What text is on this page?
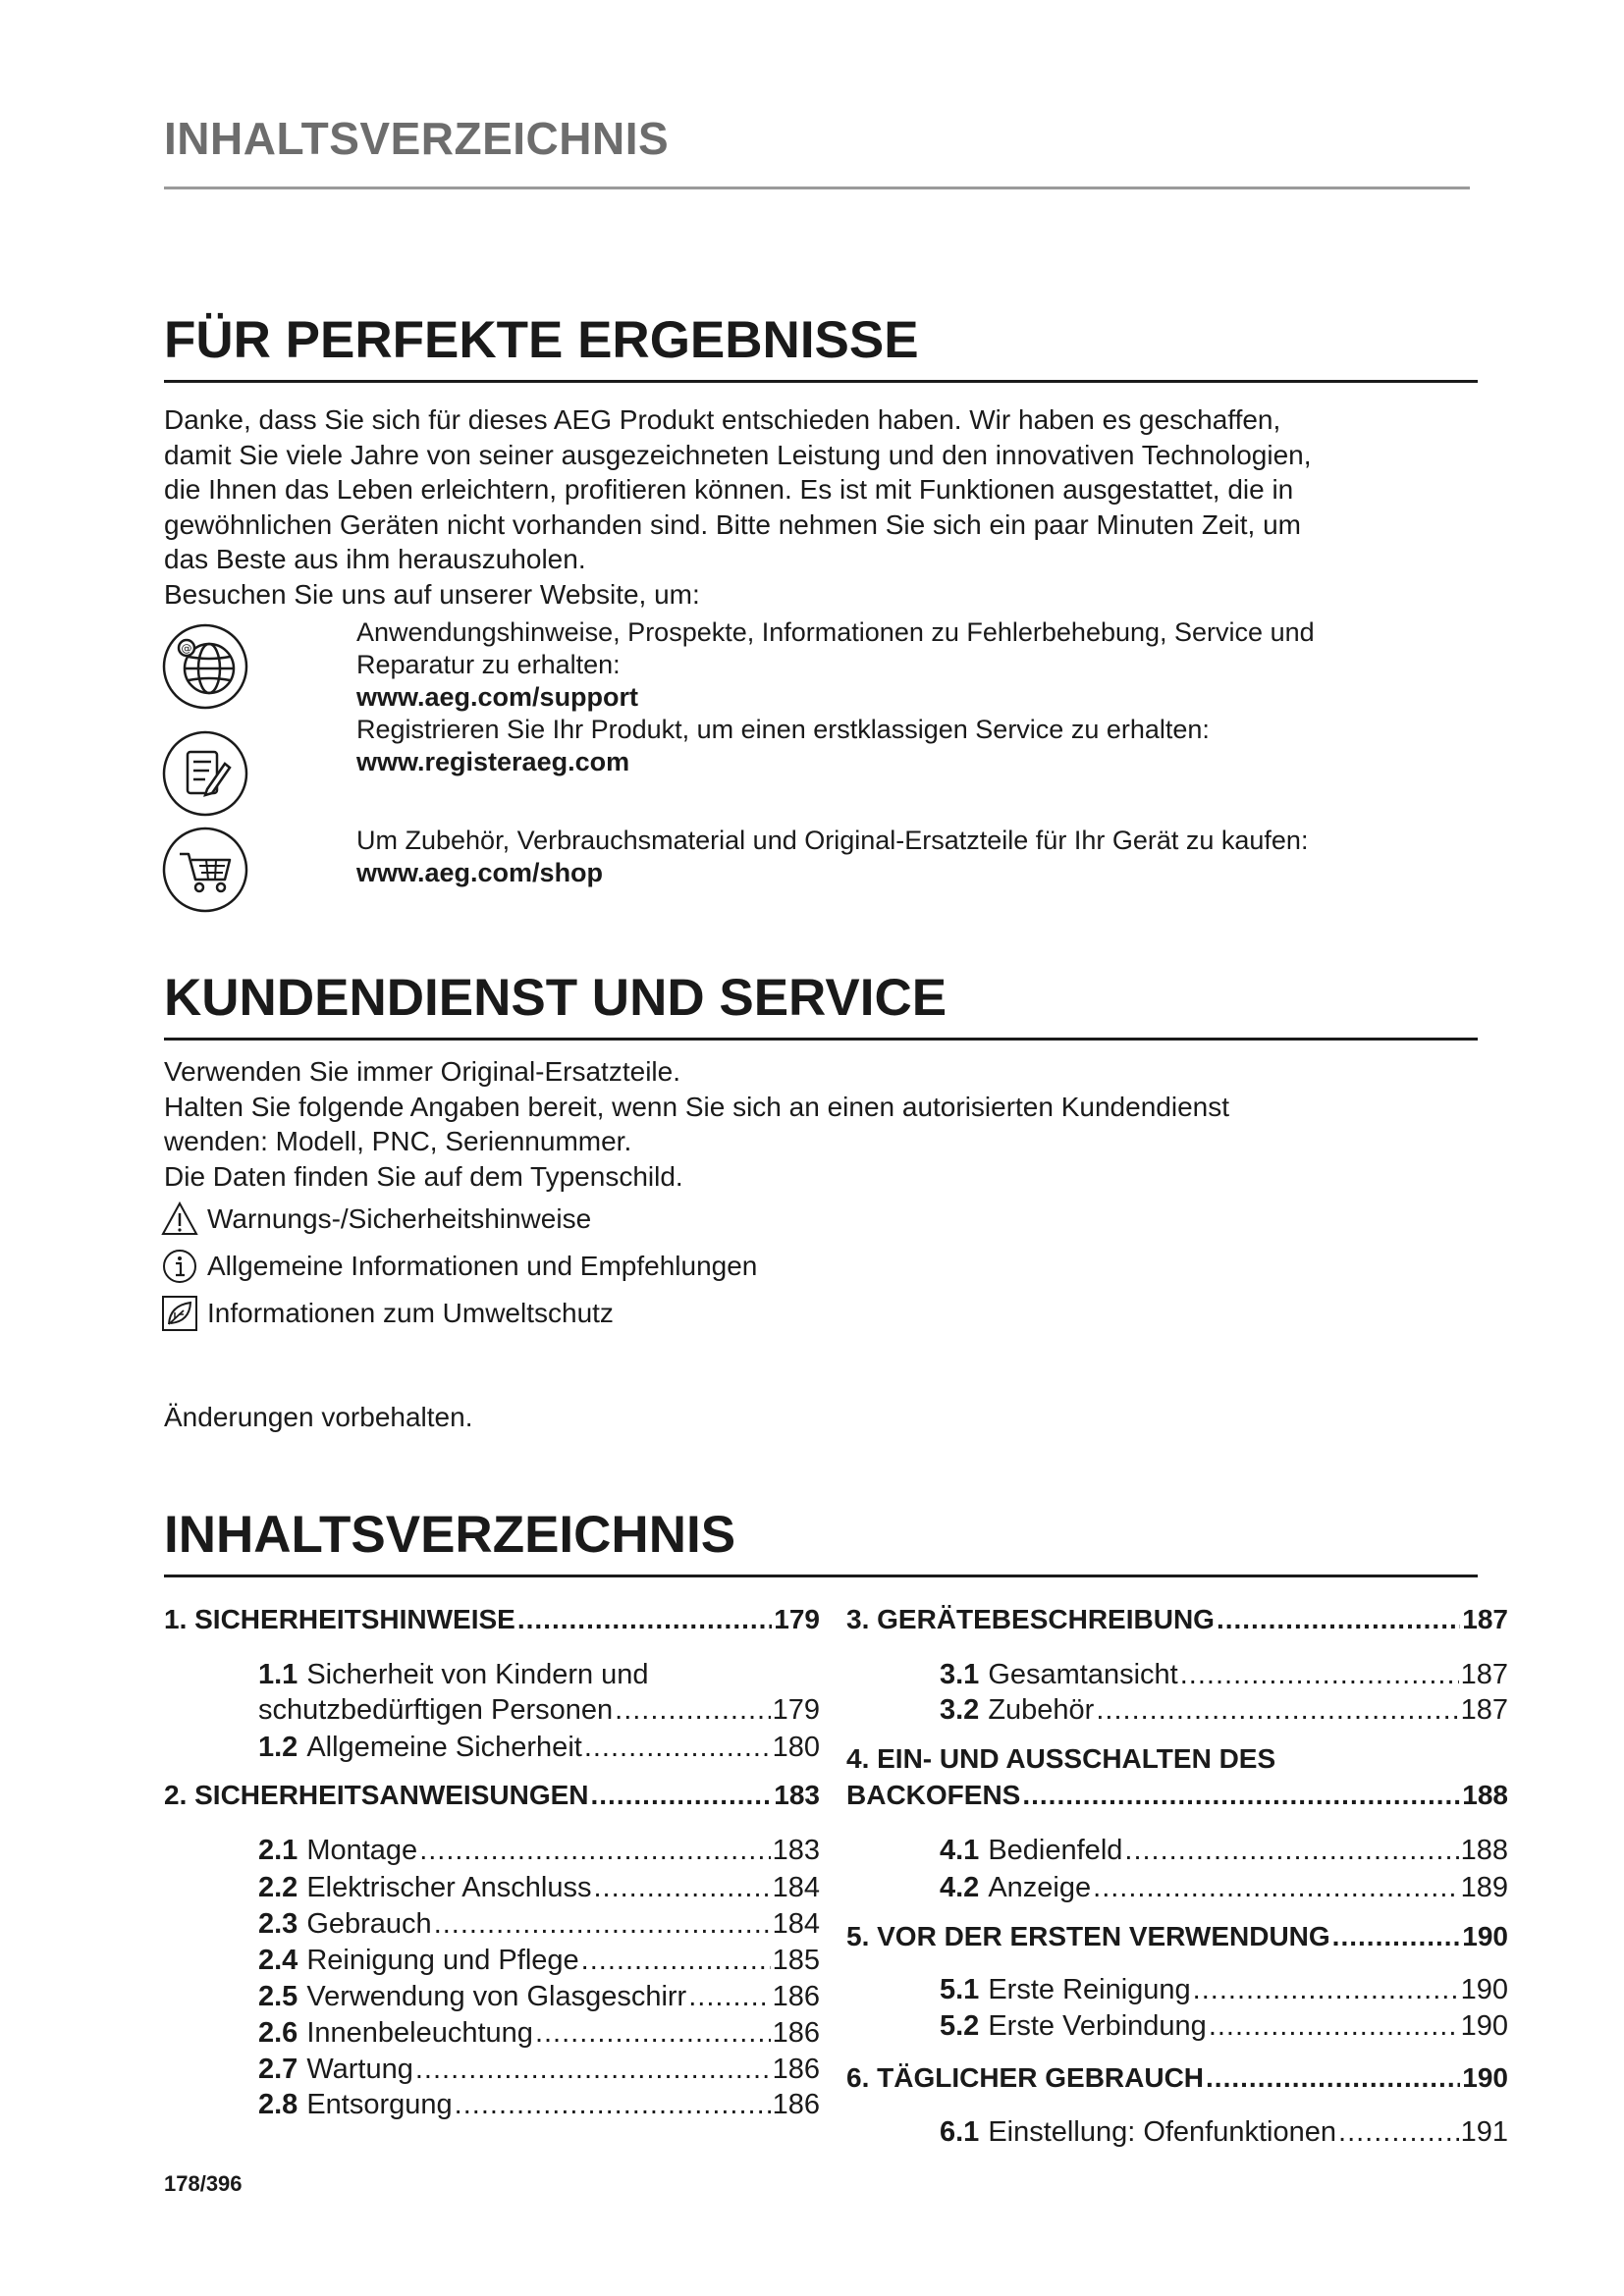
INHALTSVERZEICHNIS
FÜR PERFEKTE ERGEBNISSE
Danke, dass Sie sich für dieses AEG Produkt entschieden haben. Wir haben es geschaffen,
damit Sie viele Jahre von seiner ausgezeichneten Leistung und den innovativen Technologien,
die Ihnen das Leben erleichtern, profitieren können. Es ist mit Funktionen ausgestattet, die in
gewöhnlichen Geräten nicht vorhanden sind. Bitte nehmen Sie sich ein paar Minuten Zeit, um
das Beste aus ihm herauszuholen.
Besuchen Sie uns auf unserer Website, um:
@
Anwendungshinweise, Prospekte, Informationen zu Fehlerbehebung, Service und
Reparatur zu erhalten:
www.aeg.com/support
Registrieren Sie Ihr Produkt, um einen erstklassigen Service zu erhalten:
www.registeraeg.com
Um Zubehör, Verbrauchsmaterial und Original-Ersatzteile für Ihr Gerät zu kaufen:
www.aeg.com/shop
KUNDENDIENST UND SERVICE
Verwenden Sie immer Original-Ersatzteile.
Halten Sie folgende Angaben bereit, wenn Sie sich an einen autorisierten Kundendienst
wenden: Modell, PNC, Seriennummer.
Die Daten finden Sie auf dem Typenschild.
Warnungs-/Sicherheitshinweise
Allgemeine Informationen und Empfehlungen
Informationen zum Umweltschutz
Änderungen vorbehalten.
INHALTSVERZEICHNIS
1. SICHERHEITSHINWEISE .....	179
1.1 Sicherheit von Kindern und
schutzbedürftigen Personen .....	179
1.2 Allgemeine Sicherheit .....	180
2. SICHERHEITSANWEISUNGEN .....	183
2.1 Montage .....	183
2.2 Elektrischer Anschluss .....	184
2.3 Gebrauch .....	184
2.4 Reinigung und Pflege .....	185
2.5 Verwendung von Glasgeschirr .....	186
2.6 Innenbeleuchtung .....	186
2.7 Wartung .....	186
2.8 Entsorgung .....	186
3. GERÄTEBESCHREIBUNG .....	187
3.1 Gesamtansicht .....	187
3.2 Zubehör .....	187
4. EIN- UND AUSSCHALTEN DES
BACKOFENS .....	188
4.1 Bedienfeld .....	188
4.2 Anzeige .....	189
5. VOR DER ERSTEN VERWENDUNG .....	190
5.1 Erste Reinigung .....	190
5.2 Erste Verbindung .....	190
6. TÄGLICHER GEBRAUCH .....	190
6.1 Einstellung: Ofenfunktionen .....	191
178/396
